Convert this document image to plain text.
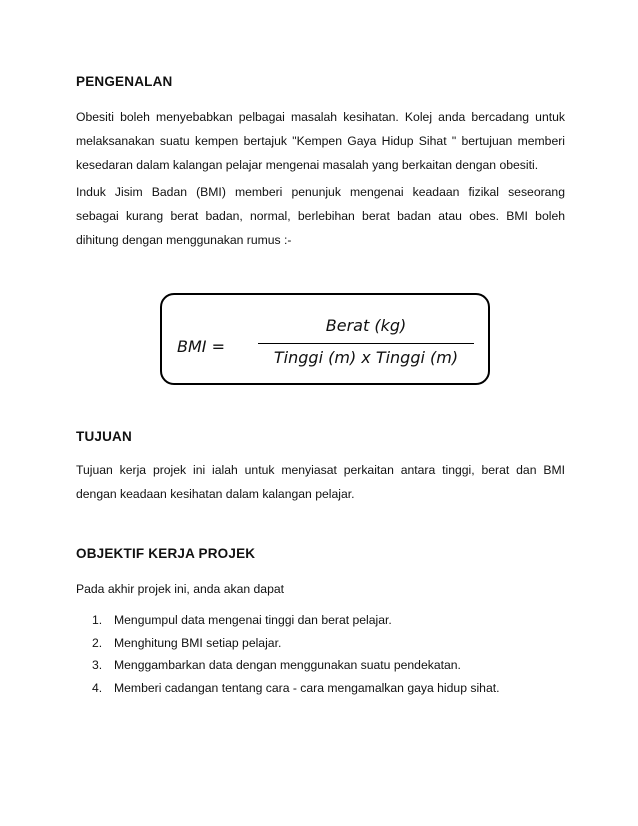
PENGENALAN

Obesiti boleh menyebabkan pelbagai masalah kesihatan. Kolej anda bercadang untuk
melaksanakan suatu kempen bertajuk "Kempen Gaya Hidup Sihat " bertujuan memberi
kesedaran dalam kalangan pelajar mengenai masalah yang berkaitan dengan obesiti.

Induk Jisim Badan (BMI) memberi penunjuk mengenai keadaan fizikal seseorang
sebagai kurang berat badan, normal, berlebihan berat badan atau obes. BMI boleh
dihitung dengan menggunakan rumus :-

BMI =
Berat (kg)
Tinggi (m) x Tinggi (m)
TUJUAN

Tujuan kerja projek ini ialah untuk menyiasat perkaitan antara tinggi, berat dan BMI
dengan keadaan kesihatan dalam kalangan pelajar.

OBJEKTIF KERJA PROJEK

Pada akhir projek ini, anda akan dapat

1. Mengumpul data mengenai tinggi dan berat pelajar.
2. Menghitung BMI setiap pelajar.
3. Menggambarkan data dengan menggunakan suatu pendekatan.
4. Memberi cadangan tentang cara - cara mengamalkan gaya hidup sihat.
